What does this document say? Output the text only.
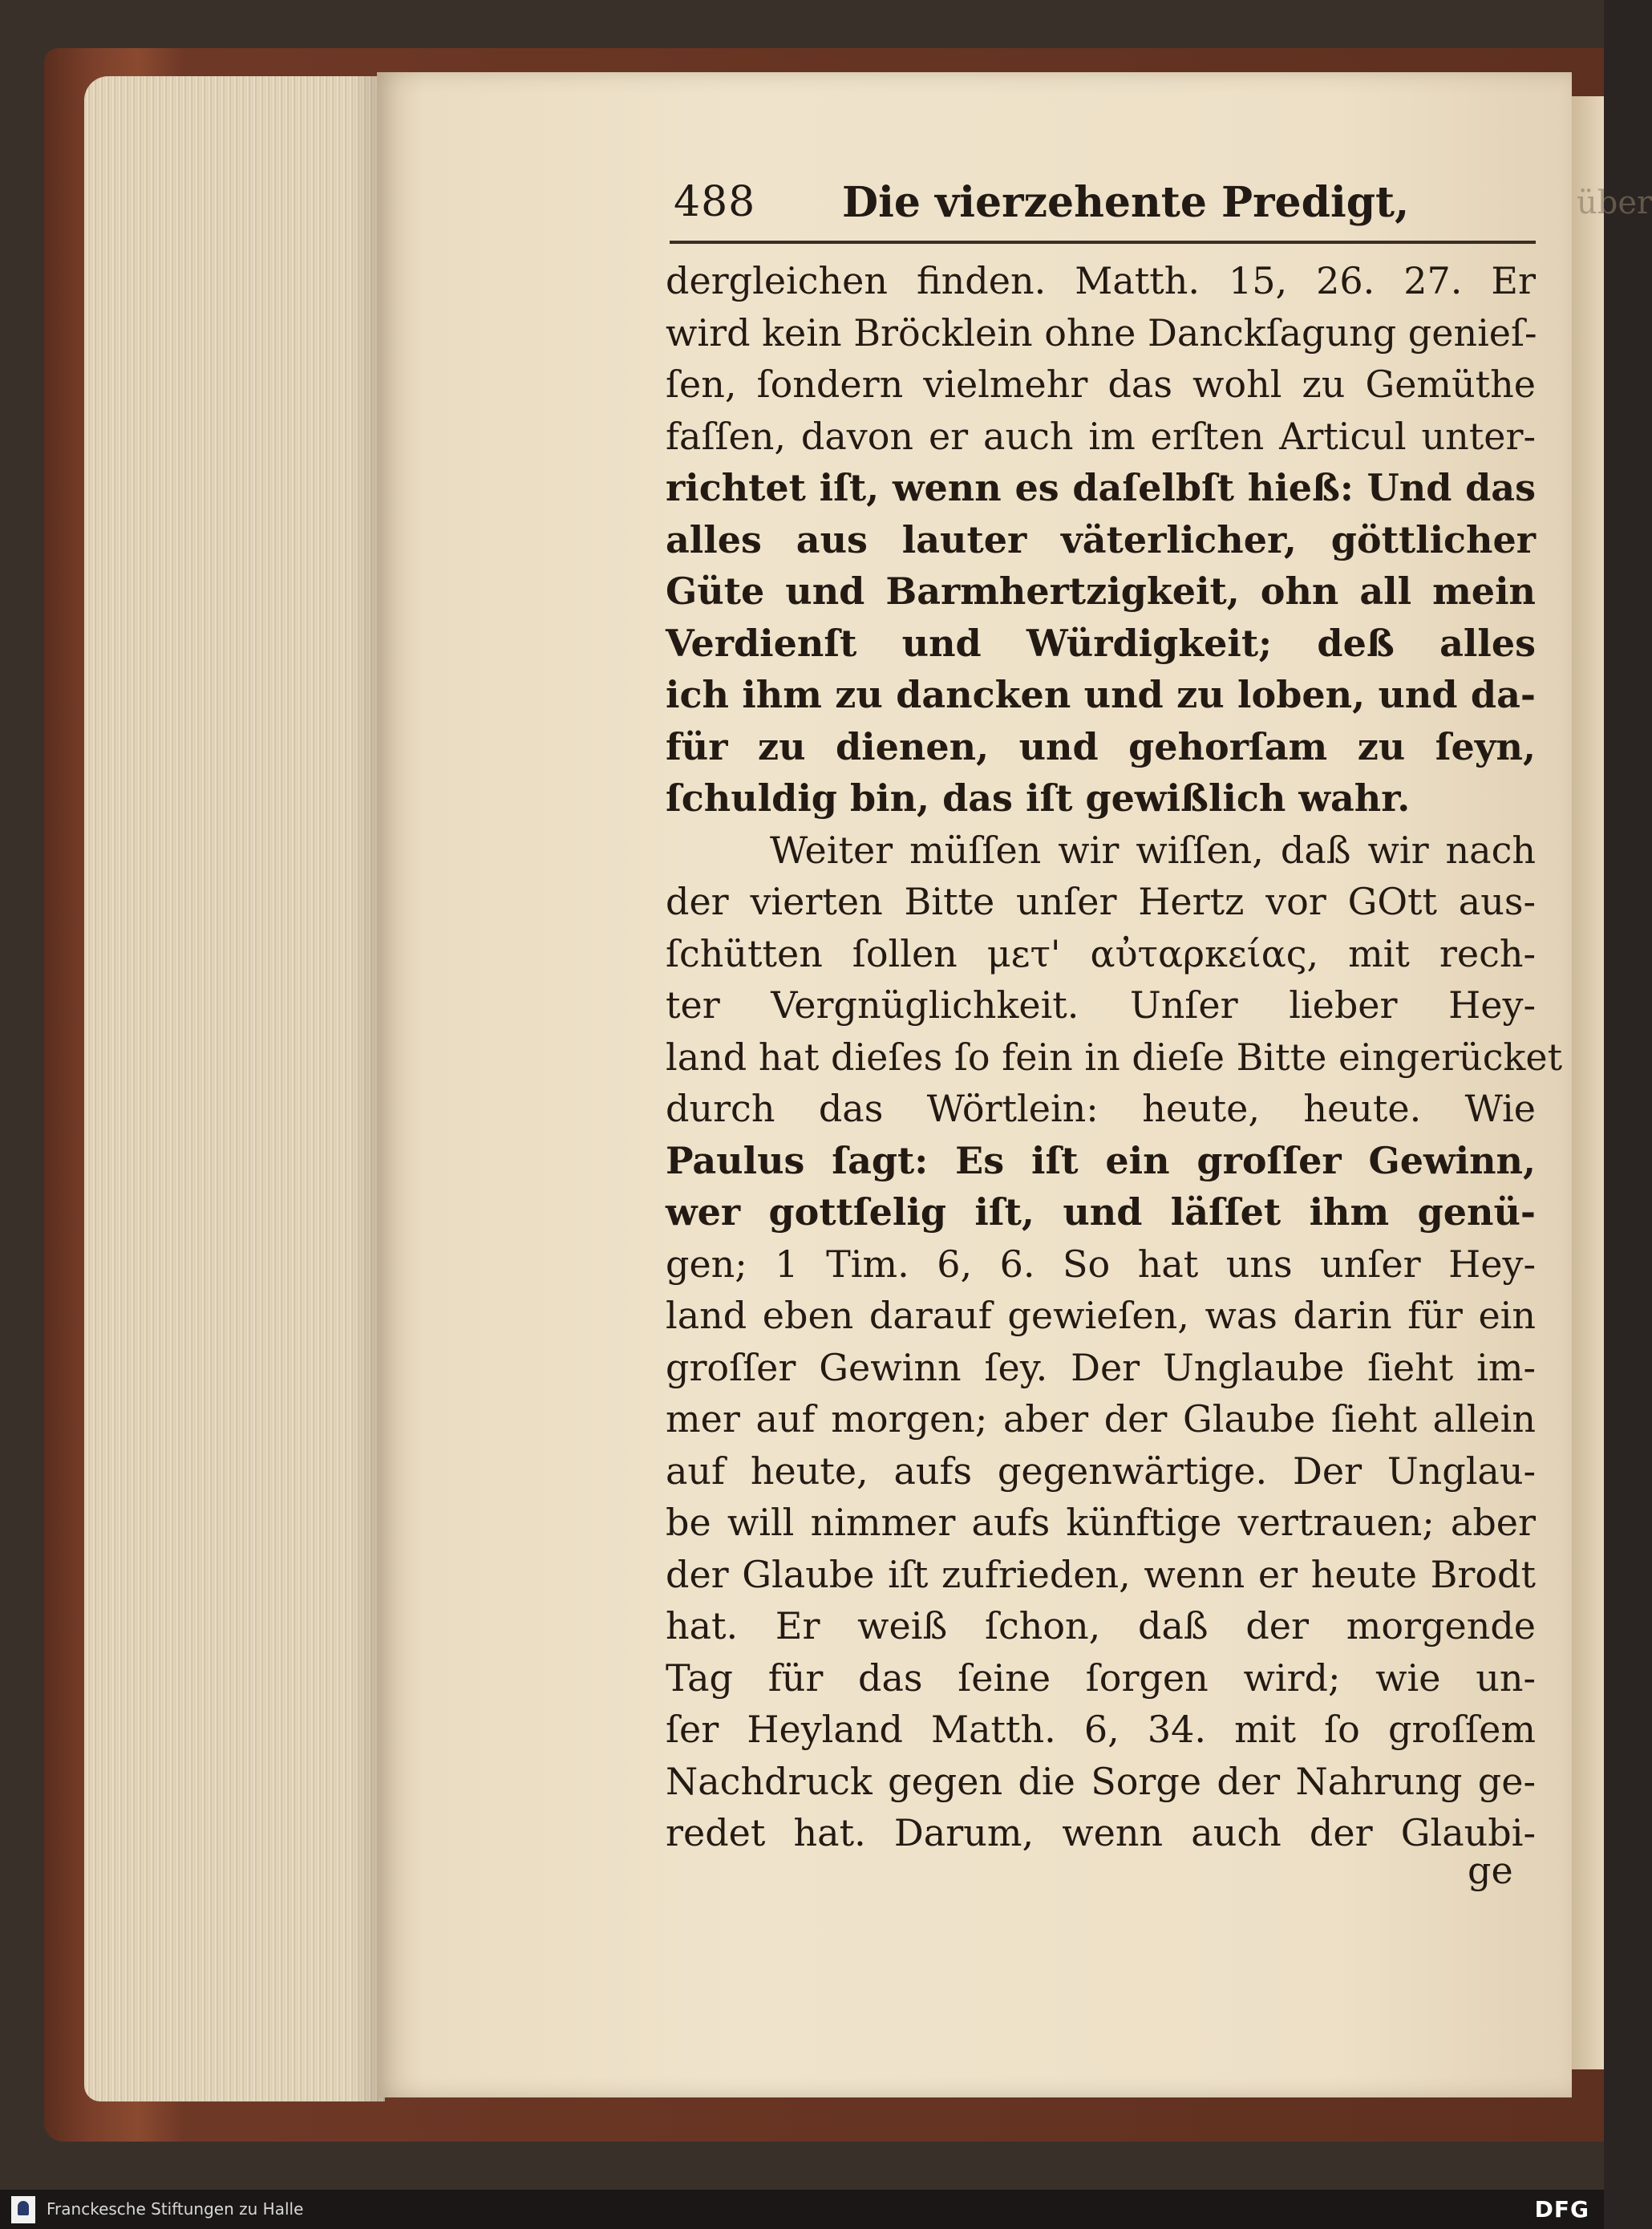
über
488 Die vierzehente Predigt,
dergleichen finden. Matth. 15, 26. 27. Er
wird kein Bröcklein ohne Danckſagung genieſ-
ſen, ſondern vielmehr das wohl zu Gemüthe
faſſen, davon er auch im erſten Articul unter-
richtet iſt, wenn es daſelbſt hieß: Und das
alles aus lauter väterlicher, göttlicher
Güte und Barmhertzigkeit, ohn all mein
Verdienſt und Würdigkeit; deß alles
ich ihm zu dancken und zu loben, und da-
für zu dienen, und gehorſam zu ſeyn,
ſchuldig bin, das iſt gewißlich wahr.
Weiter müſſen wir wiſſen, daß wir nach
der vierten Bitte unſer Hertz vor GOtt aus-
ſchütten ſollen μετ' αὐταρκείας, mit rech-
ter Vergnüglichkeit. Unſer lieber Hey-
land hat dieſes ſo fein in dieſe Bitte eingerücket
durch das Wörtlein: heute, heute. Wie
Paulus ſagt: Es iſt ein groſſer Gewinn,
wer gottſelig iſt, und läſſet ihm genü-
gen; 1 Tim. 6, 6. So hat uns unſer Hey-
land eben darauf gewieſen, was darin für ein
groſſer Gewinn ſey. Der Unglaube ſieht im-
mer auf morgen; aber der Glaube ſieht allein
auf heute, aufs gegenwärtige. Der Unglau-
be will nimmer aufs künftige vertrauen; aber
der Glaube iſt zufrieden, wenn er heute Brodt
hat. Er weiß ſchon, daß der morgende
Tag für das ſeine ſorgen wird; wie un-
ſer Heyland Matth. 6, 34. mit ſo groſſem
Nachdruck gegen die Sorge der Nahrung ge-
redet hat. Darum, wenn auch der Glaubi-
ge
Franckesche Stiftungen zu Halle	DFG
